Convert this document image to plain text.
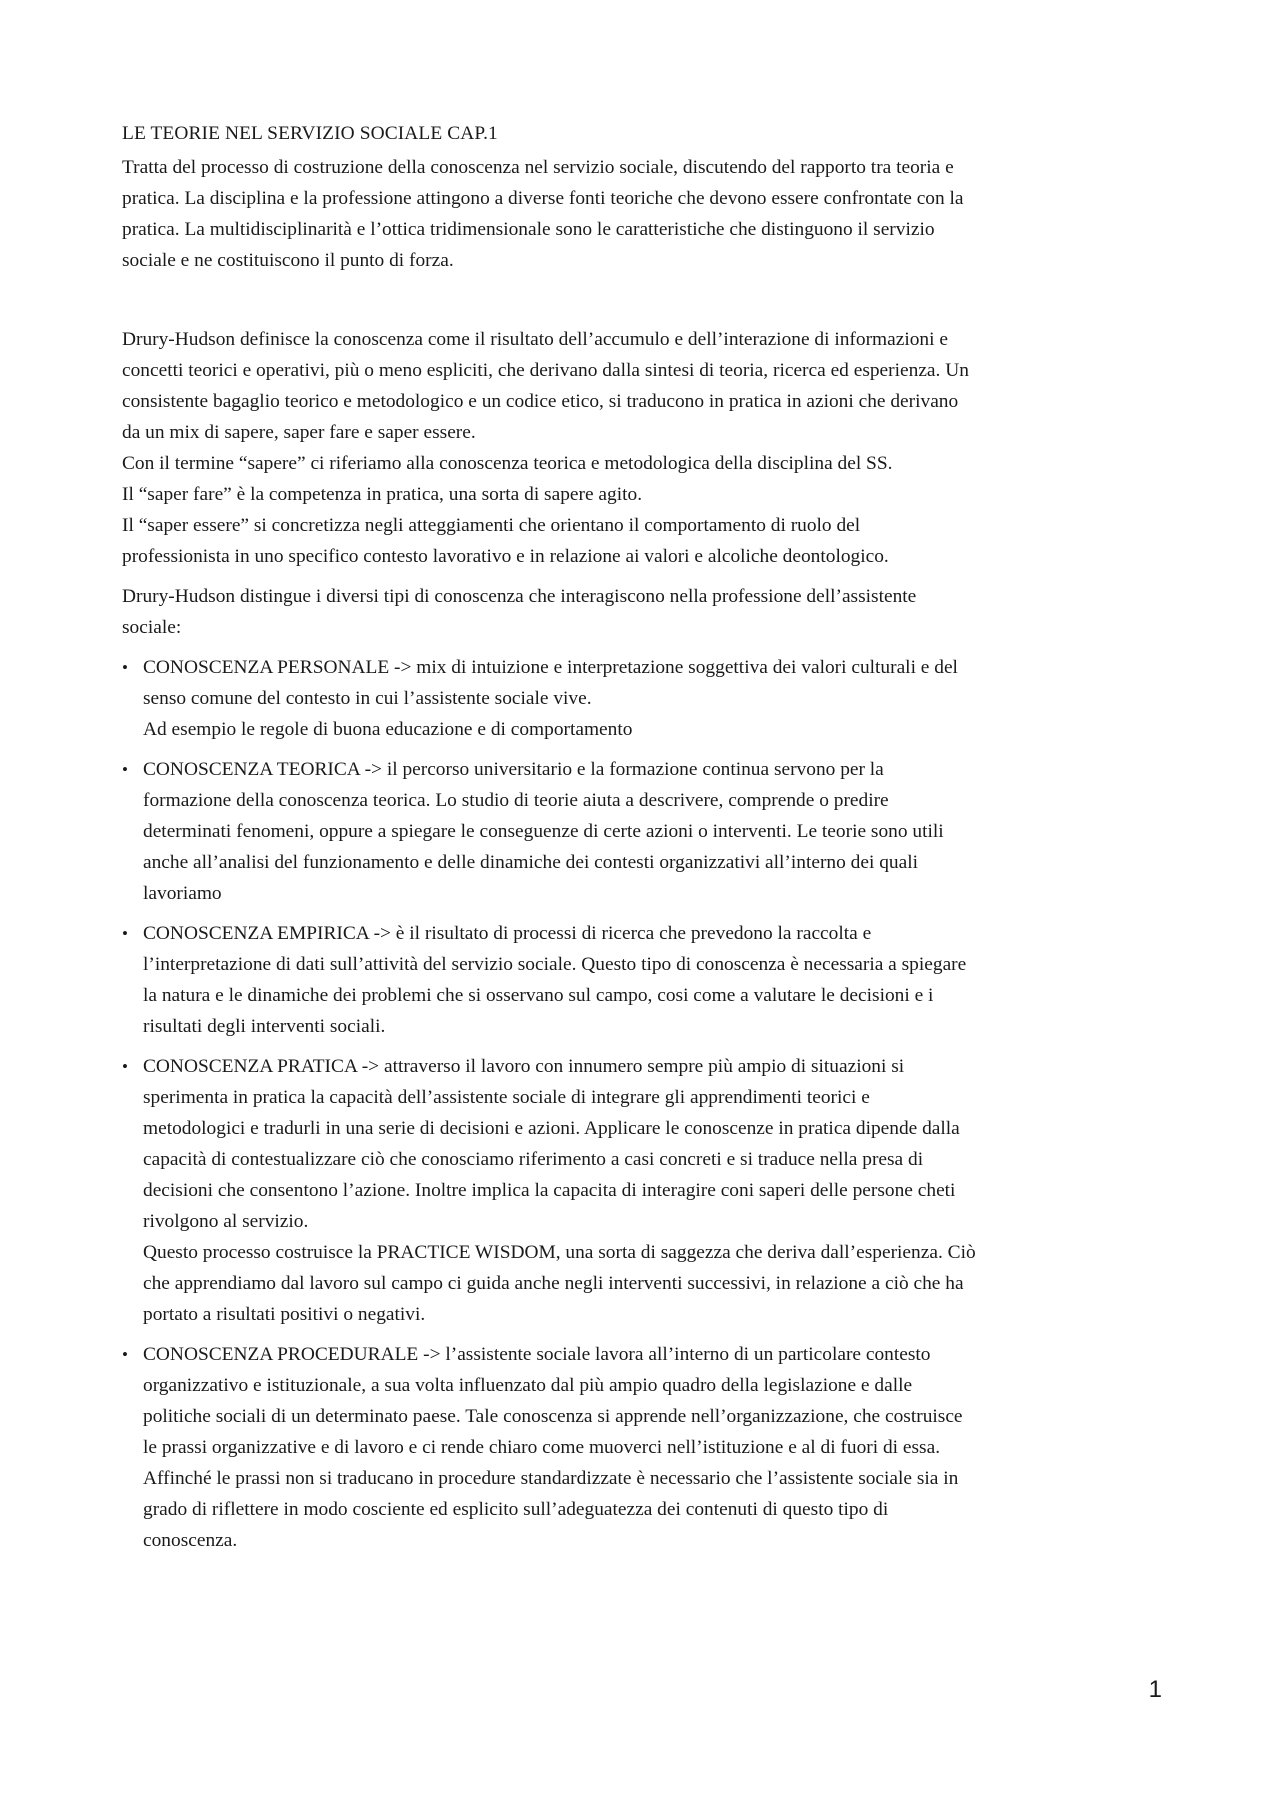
LE TEORIE NEL SERVIZIO SOCIALE CAP.1

Tratta del processo di costruzione della conoscenza nel servizio sociale, discutendo del rapporto tra teoria e
pratica. La disciplina e la professione attingono a diverse fonti teoriche che devono essere confrontate con la
pratica. La multidisciplinarità e l’ottica tridimensionale sono le caratteristiche che distinguono il servizio
sociale e ne costituiscono il punto di forza.

Drury-Hudson definisce la conoscenza come il risultato dell’accumulo e dell’interazione di informazioni e
concetti teorici e operativi, più o meno espliciti, che derivano dalla sintesi di teoria, ricerca ed esperienza. Un
consistente bagaglio teorico e metodologico e un codice etico, si traducono in pratica in azioni che derivano
da un mix di sapere, saper fare e saper essere.
Con il termine “sapere” ci riferiamo alla conoscenza teorica e metodologica della disciplina del SS.
Il “saper fare” è la competenza in pratica, una sorta di sapere agito.
Il “saper essere” si concretizza negli atteggiamenti che orientano il comportamento di ruolo del
professionista in uno specifico contesto lavorativo e in relazione ai valori e alcoliche deontologico.

Drury-Hudson distingue i diversi tipi di conoscenza che interagiscono nella professione dell’assistente
sociale:

• CONOSCENZA PERSONALE -> mix di intuizione e interpretazione soggettiva dei valori culturali e del
senso comune del contesto in cui l’assistente sociale vive.
Ad esempio le regole di buona educazione e di comportamento
• CONOSCENZA TEORICA -> il percorso universitario e la formazione continua servono per la
formazione della conoscenza teorica. Lo studio di teorie aiuta a descrivere, comprende o predire
determinati fenomeni, oppure a spiegare le conseguenze di certe azioni o interventi. Le teorie sono utili
anche all’analisi del funzionamento e delle dinamiche dei contesti organizzativi all’interno dei quali
lavoriamo
• CONOSCENZA EMPIRICA -> è il risultato di processi di ricerca che prevedono la raccolta e
l’interpretazione di dati sull’attività del servizio sociale. Questo tipo di conoscenza è necessaria a spiegare
la natura e le dinamiche dei problemi che si osservano sul campo, cosi come a valutare le decisioni e i
risultati degli interventi sociali.
• CONOSCENZA PRATICA -> attraverso il lavoro con innumero sempre più ampio di situazioni si
sperimenta in pratica la capacità dell’assistente sociale di integrare gli apprendimenti teorici e
metodologici e tradurli in una serie di decisioni e azioni. Applicare le conoscenze in pratica dipende dalla
capacità di contestualizzare ciò che conosciamo riferimento a casi concreti e si traduce nella presa di
decisioni che consentono l’azione. Inoltre implica la capacita di interagire coni saperi delle persone cheti
rivolgono al servizio.
Questo processo costruisce la PRACTICE WISDOM, una sorta di saggezza che deriva dall’esperienza. Ciò
che apprendiamo dal lavoro sul campo ci guida anche negli interventi successivi, in relazione a ciò che ha
portato a risultati positivi o negativi.
• CONOSCENZA PROCEDURALE -> l’assistente sociale lavora all’interno di un particolare contesto
organizzativo e istituzionale, a sua volta influenzato dal più ampio quadro della legislazione e dalle
politiche sociali di un determinato paese. Tale conoscenza si apprende nell’organizzazione, che costruisce
le prassi organizzative e di lavoro e ci rende chiaro come muoverci nell’istituzione e al di fuori di essa.
Affinché le prassi non si traducano in procedure standardizzate è necessario che l’assistente sociale sia in
grado di riflettere in modo cosciente ed esplicito sull’adeguatezza dei contenuti di questo tipo di
conoscenza.
1
